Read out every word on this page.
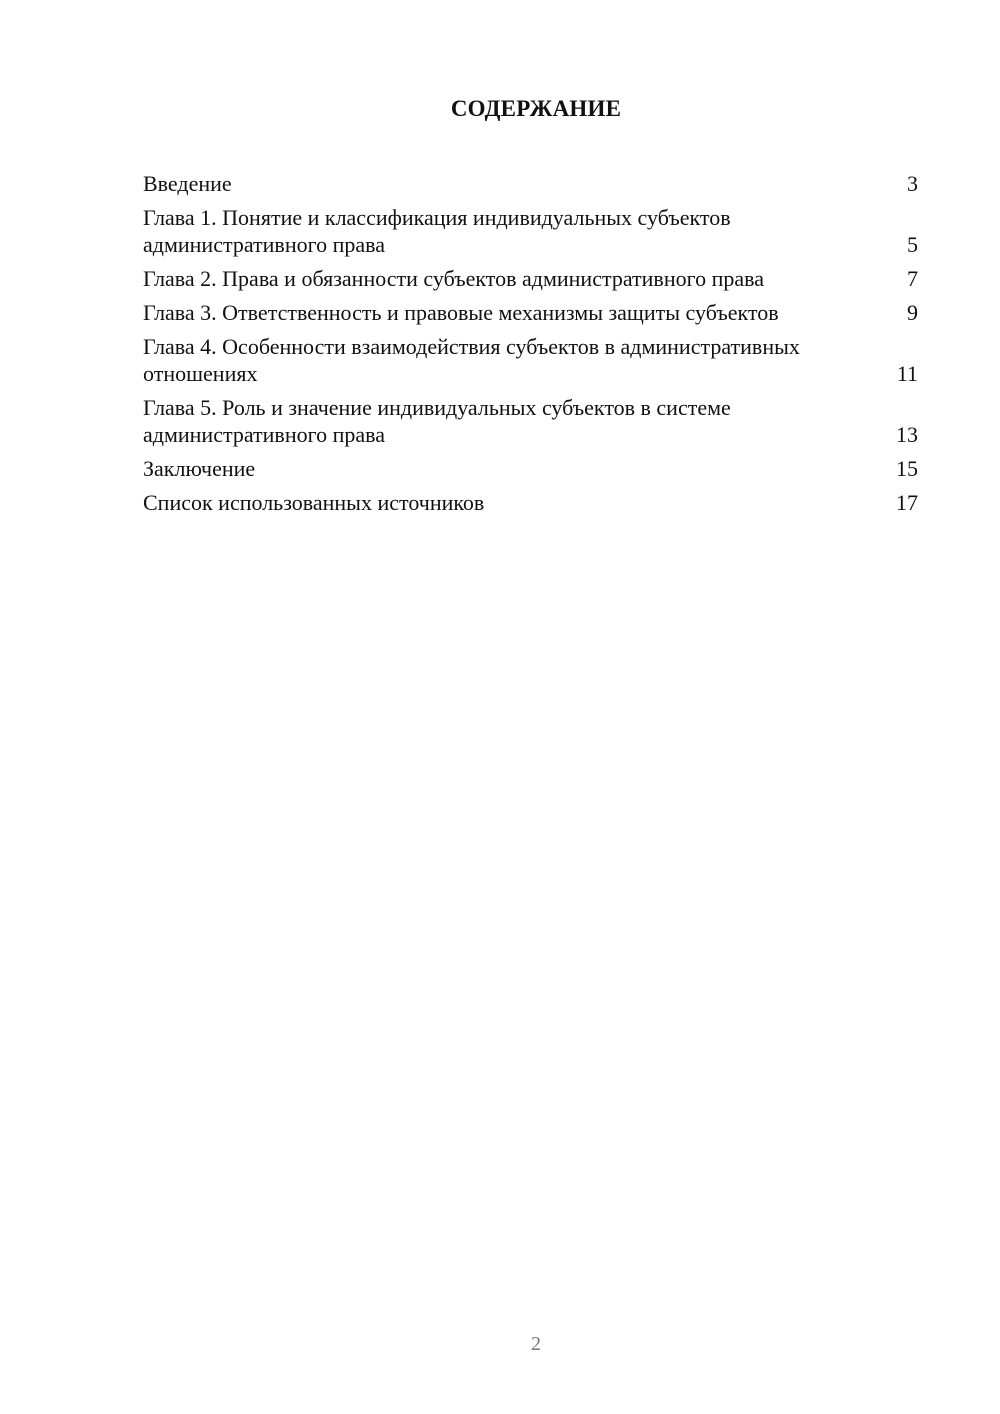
СОДЕРЖАНИЕ
Введение	3
Глава 1. Понятие и классификация индивидуальных субъектов административного права	5
Глава 2. Права и обязанности субъектов административного права	7
Глава 3. Ответственность и правовые механизмы защиты субъектов	9
Глава 4. Особенности взаимодействия субъектов в административных отношениях	11
Глава 5. Роль и значение индивидуальных субъектов в системе административного права	13
Заключение	15
Список использованных источников	17
2
